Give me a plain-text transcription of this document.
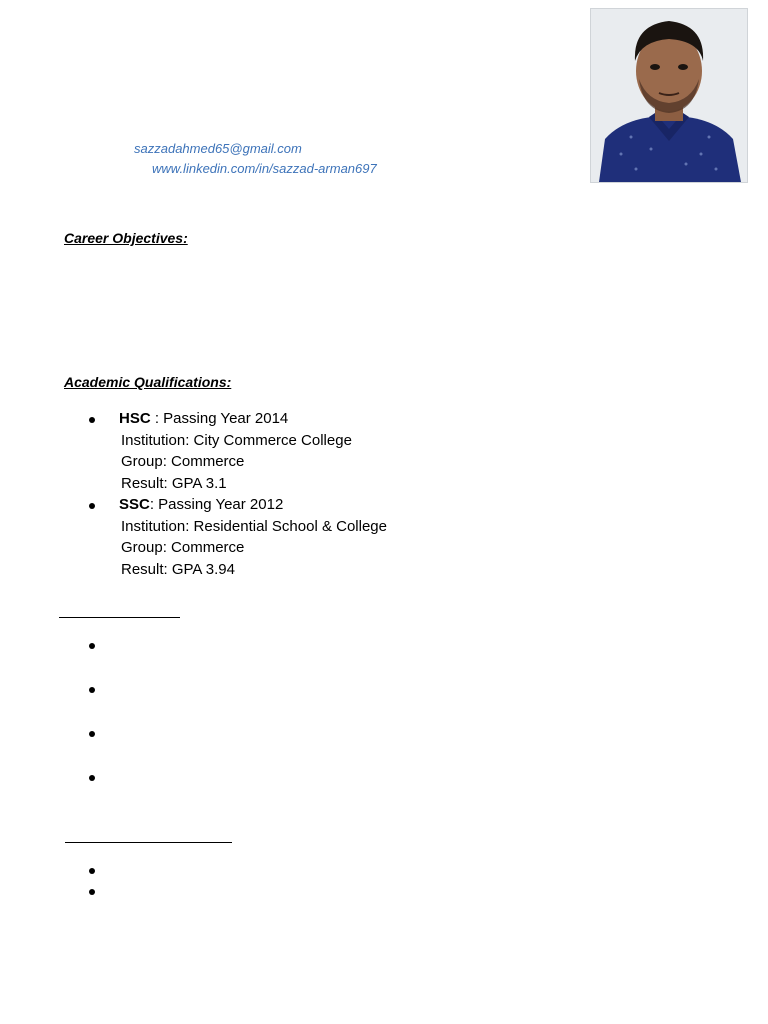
sazzadahmed65@gmail.com
www.linkedin.com/in/sazzad-arman697
Career Objectives:
Academic Qualifications:
HSC : Passing Year 2014
Institution: City Commerce College
Group: Commerce
Result: GPA 3.1
SSC: Passing Year 2012
Institution: Residential School & College
Group: Commerce
Result: GPA 3.94
